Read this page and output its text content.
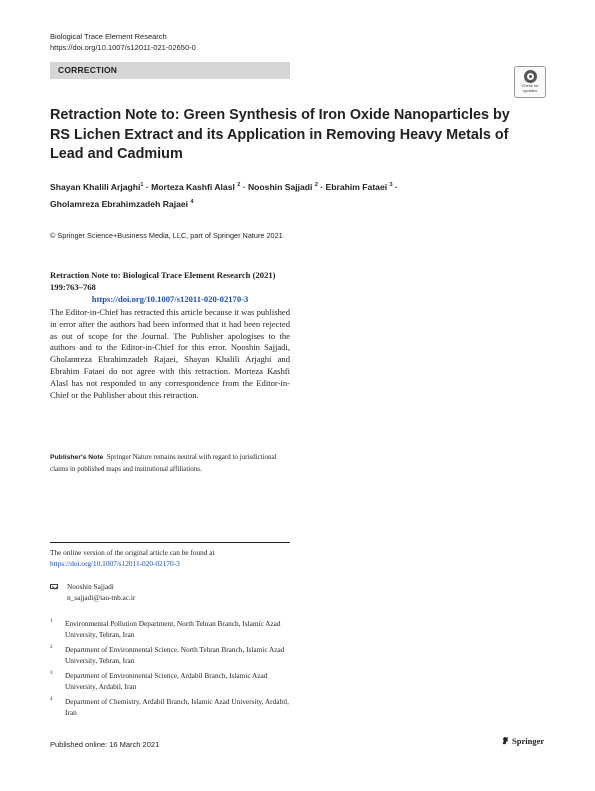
Biological Trace Element Research
https://doi.org/10.1007/s12011-021-02650-0
CORRECTION
Check for updates
Retraction Note to: Green Synthesis of Iron Oxide Nanoparticles by RS Lichen Extract and its Application in Removing Heavy Metals of Lead and Cadmium
Shayan Khalili Arjaghi$^1$ · Morteza Kashfi Alasl $^2$ · Nooshin Sajjadi $^2$ · Ebrahim Fataei $^3$ ·
Gholamreza Ebrahimzadeh Rajaei $^4$
© Springer Science+Business Media, LLC, part of Springer Nature 2021
Retraction Note to: Biological Trace Element Research (2021) 199:763–768
https://doi.org/10.1007/s12011-020-02170-3
The Editor-in-Chief has retracted this article because it was published in error after the authors had been informed that it had been rejected as out of scope for the Journal. The Publisher apologises to the authors and to the Editor-in-Chief for this error. Nooshin Sajjadi, Gholamreza Ebrahimzadeh Rajaei, Shayan Khalili Arjaghi and Ebrahim Fataei do not agree with this retraction. Morteza Kashfi Alasl has not responded to any correspondence from the Editor-in-Chief or the Publisher about this retraction.
Publisher's Note Springer Nature remains neutral with regard to jurisdictional claims in published maps and institutional affiliations.
The online version of the original article can be found at https://doi.org/10.1007/s12011-020-02170-3
Nooshin Sajjadi
n_sajjadi@iau-tnb.ac.ir
1 Environmental Pollution Department, North Tehran Branch, Islamic Azad University, Tehran, Iran
2 Department of Environmental Science, North Tehran Branch, Islamic Azad University, Tehran, Iran
3 Department of Environmental Science, Ardabil Branch, Islamic Azad University, Ardabil, Iran
4 Department of Chemistry, Ardabil Branch, Islamic Azad University, Ardabil, Iran
Published online: 16 March 2021	Springer
